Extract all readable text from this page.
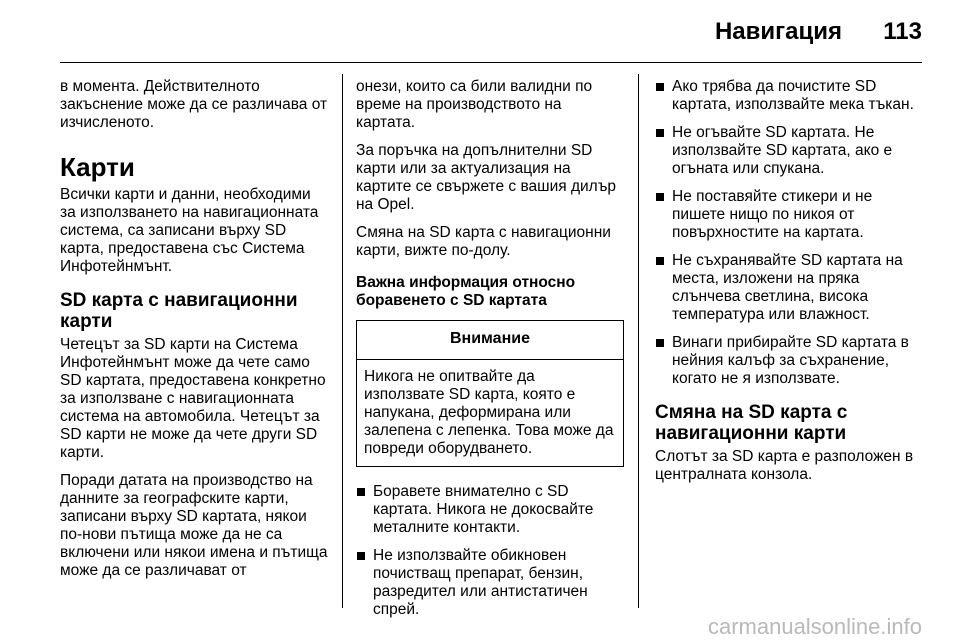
Навигация 113

в момента. Действителното закъснение може да се различава от изчисленото.

Карти

Всички карти и данни, необходими за използването на навигационната система, са записани върху SD карта, предоставена със Система Инфотейнмънт.

SD карта с навигационни карти

Четецът за SD карти на Система Инфотейнмънт може да чете само SD картата, предоставена конкретно за използване с навигационната система на автомобила. Четецът за SD карти не може да чете други SD карти.

Поради датата на производство на данните за географските карти, записани върху SD картата, някои по-нови пътища може да не са включени или някои имена и пътища може да се различават от

онези, които са били валидни по време на производството на картата.

За поръчка на допълнителни SD карти или за актуализация на картите се свържете с вашия дилър на Opel.

Смяна на SD карта с навигационни карти, вижте по-долу.

Важна информация относно боравенето с SD картата
Внимание
Никога не опитвайте да използвате SD карта, която е напукана, деформирана или залепена с лепенка. Това може да повреди оборудването.
Боравете внимателно с SD картата. Никога не докосвайте металните контакти.
Не използвайте обикновен почистващ препарат, бензин, разредител или антистатичен спрей.
Ако трябва да почистите SD картата, използвайте мека тъкан.
Не огъвайте SD картата. Не използвайте SD картата, ако е огъната или спукана.
Не поставяйте стикери и не пишете нищо по никоя от повърхностите на картата.
Не съхранявайте SD картата на места, изложени на пряка слънчева светлина, висока температура или влажност.
Винаги прибирайте SD картата в нейния калъф за съхранение, когато не я използвате.
Смяна на SD карта с навигационни карти

Слотът за SD карта е разположен в централната конзола.

carmanualsonline.info
